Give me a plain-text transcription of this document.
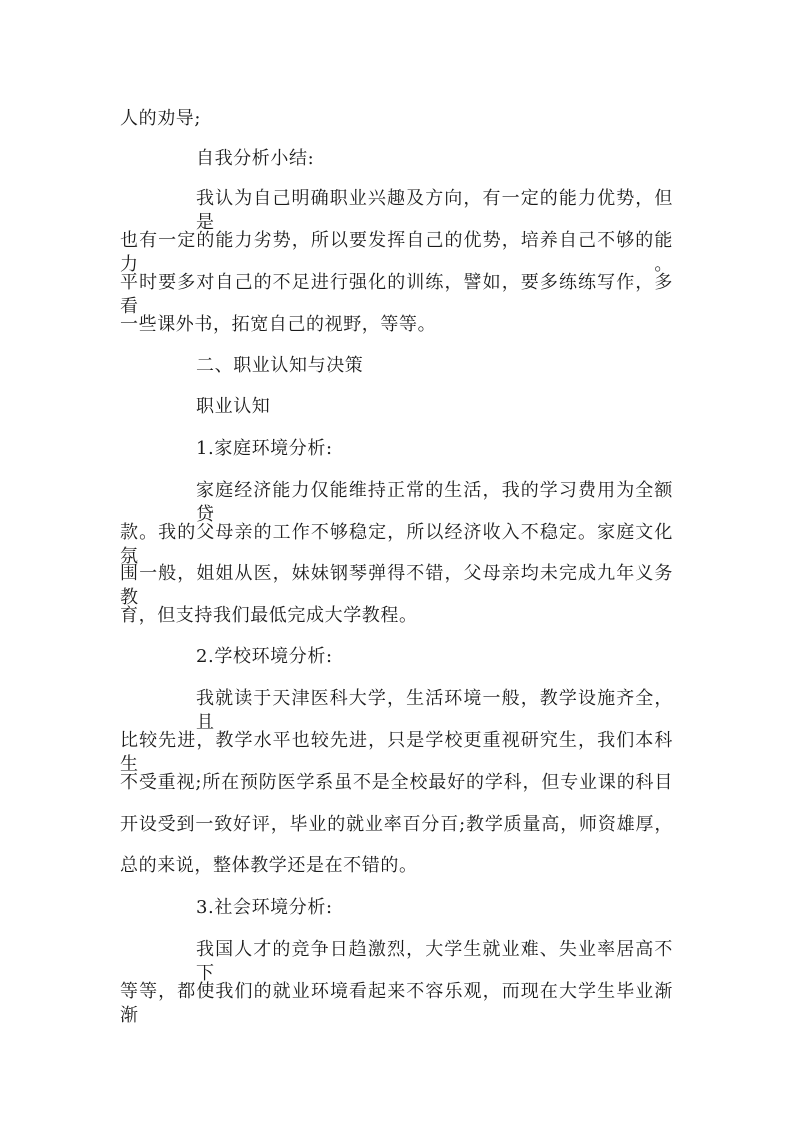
人的劝导;
自我分析小结:
我认为自己明确职业兴趣及方向，有一定的能力优势，但是
也有一定的能力劣势，所以要发挥自己的优势，培养自己不够的能力。
平时要多对自己的不足进行强化的训练，譬如，要多练练写作，多看
一些课外书，拓宽自己的视野，等等。
二、职业认知与决策
职业认知
1.家庭环境分析:
家庭经济能力仅能维持正常的生活，我的学习费用为全额贷
款。我的父母亲的工作不够稳定，所以经济收入不稳定。家庭文化氛
围一般，姐姐从医，妹妹钢琴弹得不错，父母亲均未完成九年义务教
育，但支持我们最低完成大学教程。
2.学校环境分析:
我就读于天津医科大学，生活环境一般，教学设施齐全，且
比较先进，教学水平也较先进，只是学校更重视研究生，我们本科生
不受重视;所在预防医学系虽不是全校最好的学科，但专业课的科目
开设受到一致好评，毕业的就业率百分百;教学质量高，师资雄厚，
总的来说，整体教学还是在不错的。
3.社会环境分析:
我国人才的竞争日趋激烈，大学生就业难、失业率居高不下
等等，都使我们的就业环境看起来不容乐观，而现在大学生毕业渐渐
